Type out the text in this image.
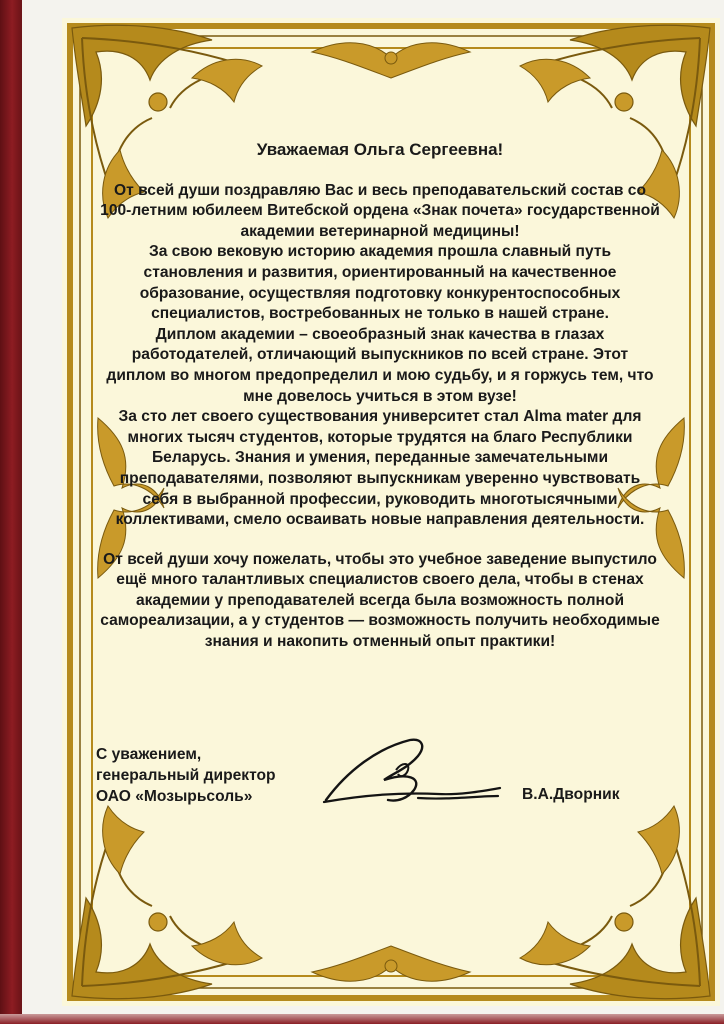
Уважаемая Ольга Сергеевна!

От всей души поздравляю Вас и весь преподавательский состав со 100-летним юбилеем Витебской ордена «Знак почета» государственной академии ветеринарной медицины!

За свою вековую историю академия прошла славный путь становления и развития, ориентированный на качественное образование, осуществляя подготовку конкурентоспособных специалистов, востребованных не только в нашей стране.

Диплом академии – своеобразный знак качества в глазах работодателей, отличающий выпускников по всей стране. Этот диплом во многом предопределил и мою судьбу, и я горжусь тем, что мне довелось учиться в этом вузе!

За сто лет своего существования университет стал Alma mater для многих тысяч студентов, которые трудятся на благо Республики Беларусь. Знания и умения, переданные замечательными преподавателями, позволяют выпускникам уверенно чувствовать себя в выбранной профессии, руководить многотысячными коллективами, смело осваивать новые направления деятельности.

От всей души хочу пожелать, чтобы это учебное заведение выпустило ещё много талантливых специалистов своего дела, чтобы в стенах академии у преподавателей всегда была возможность полной самореализации, а у студентов — возможность получить необходимые знания и накопить отменный опыт практики!

С уважением,
генеральный директор
ОАО «Мозырьсоль»	В.А.Дворник
